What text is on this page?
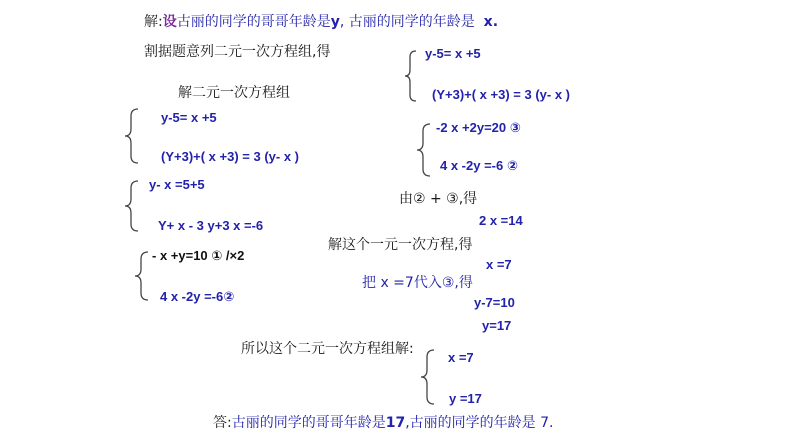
解:设古丽的同学的哥哥年龄是y, 古丽的同学的年龄是 x.
割据题意列二元一次方程组,得	y-5= x +5
(Y+3)+( x +3) = 3 (y- x )
解二元一次方程组
y-5= x +5
(Y+3)+( x +3) = 3 (y- x )
-2 x +2y=20 ③
4 x -2y =-6 ②
y- x =5+5
Y+ x - 3 y+3 x =-6
由② + ③,得
2 x =14
解这个一元一次方程,得
- x +y=10 ① /×2
4 x -2y =-6②
x =7
把 x =7代入③,得
y-7=10
y=17
所以这个二元一次方程组解:
x =7
y =17
答:古丽的同学的哥哥年龄是17,古丽的同学的年龄是 7.
